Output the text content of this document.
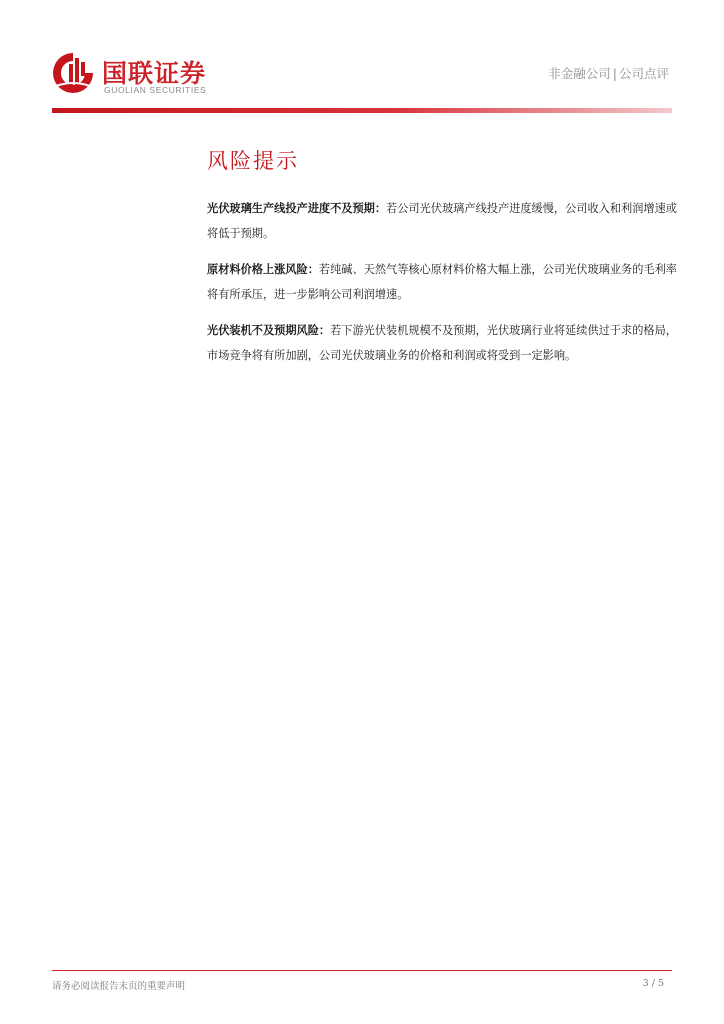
国联证券
GUOLIAN SECURITIES
非金融公司 | 公司点评
风险提示

光伏玻璃生产线投产进度不及预期：若公司光伏玻璃产线投产进度缓慢，公司收入和利润增速或将低于预期。

原材料价格上涨风险：若纯碱、天然气等核心原材料价格大幅上涨，公司光伏玻璃业务的毛利率将有所承压，进一步影响公司利润增速。

光伏装机不及预期风险：若下游光伏装机规模不及预期，光伏玻璃行业将延续供过于求的格局，市场竞争将有所加剧，公司光伏玻璃业务的价格和利润或将受到一定影响。

请务必阅读报告末页的重要声明	3 / 5
